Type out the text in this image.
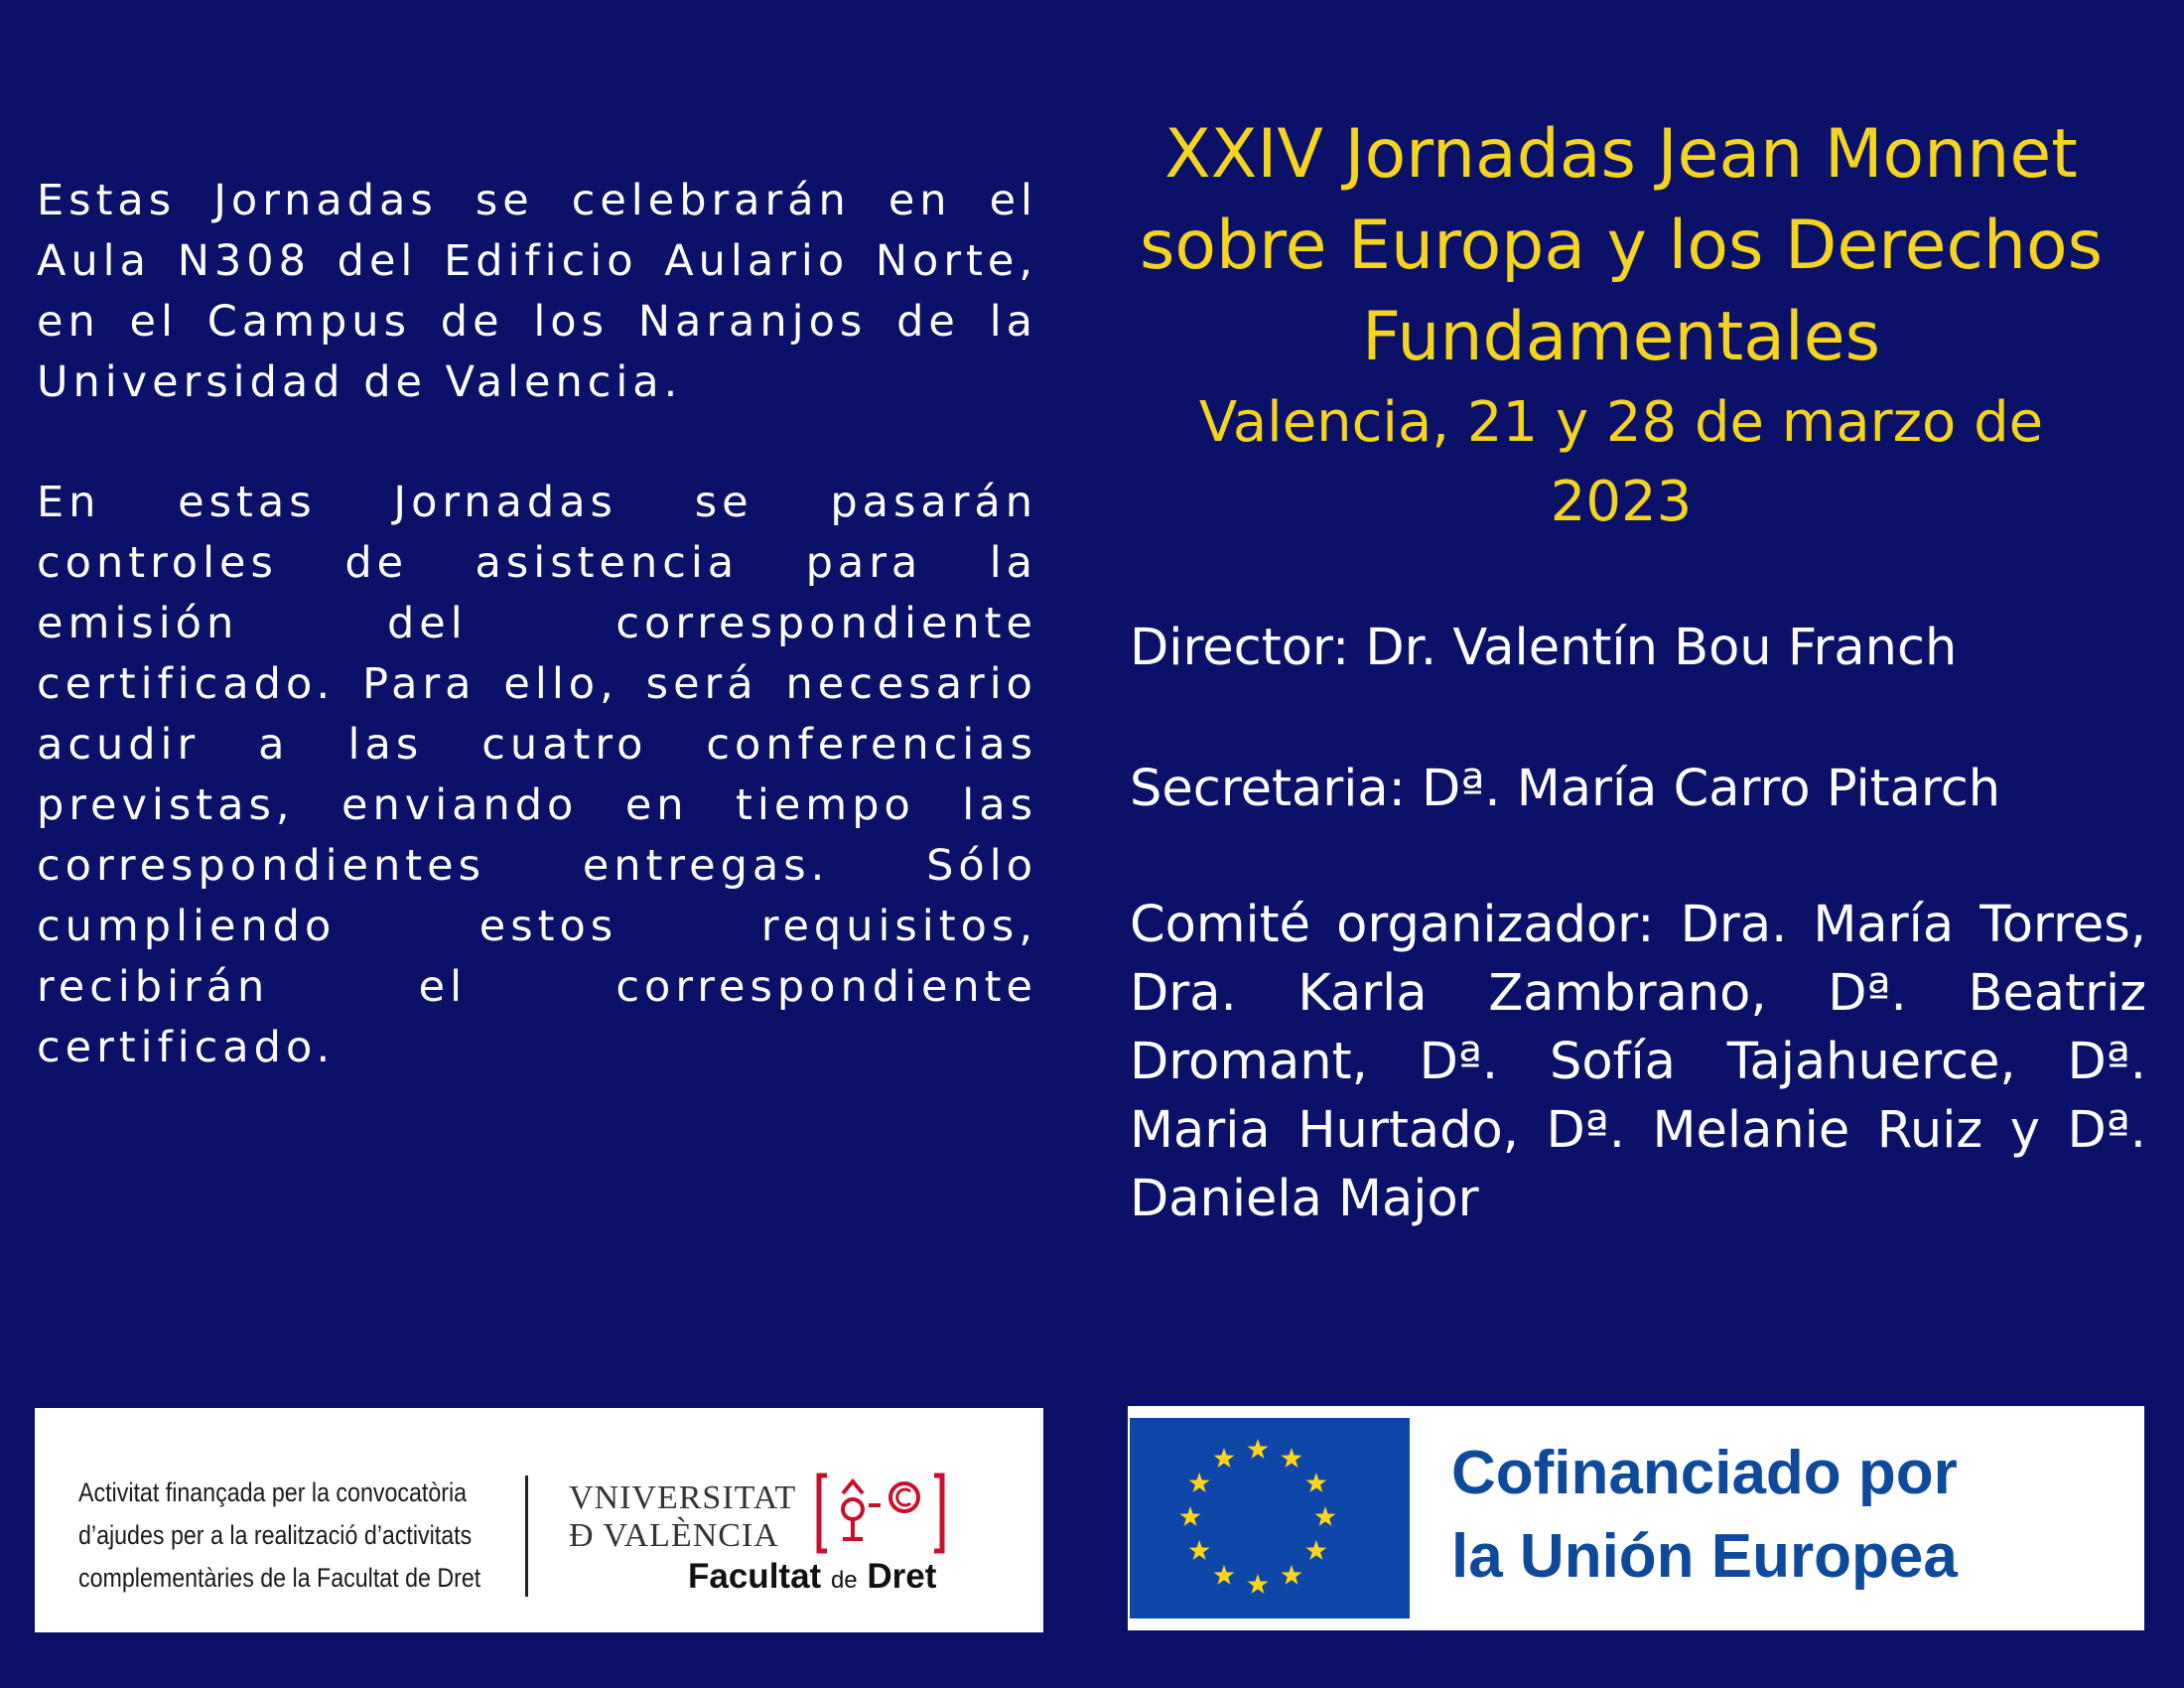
Estas Jornadas se celebrarán en el Aula N308 del Edificio Aulario Norte, en el Campus de los Naranjos de la Universidad de Valencia.

En estas Jornadas se pasarán controles de asistencia para la emisión del correspondiente certificado. Para ello, será necesario acudir a las cuatro conferencias previstas, enviando en tiempo las correspondientes entregas. Sólo cumpliendo estos requisitos, recibirán el correspondiente certificado.

XXIV Jornadas Jean Monnet sobre Europa y los Derechos Fundamentales
Valencia, 21 y 28 de marzo de 2023

Director: Dr. Valentín Bou Franch

Secretaria: Dª. María Carro Pitarch

Comité organizador: Dra. María Torres, Dra. Karla Zambrano, Dª. Beatriz Dromant, Dª. Sofía Tajahuerce, Dª. Maria Hurtado, Dª. Melanie Ruiz y Dª. Daniela Major

Activitat finançada per la convocatòria
d’ajudes per a la realització d’activitats
complementàries de la Facultat de Dret
VNIVERSITAT
Ð VALÈNCIA
Facultat de Dret
Cofinanciado por
la Unión Europea
